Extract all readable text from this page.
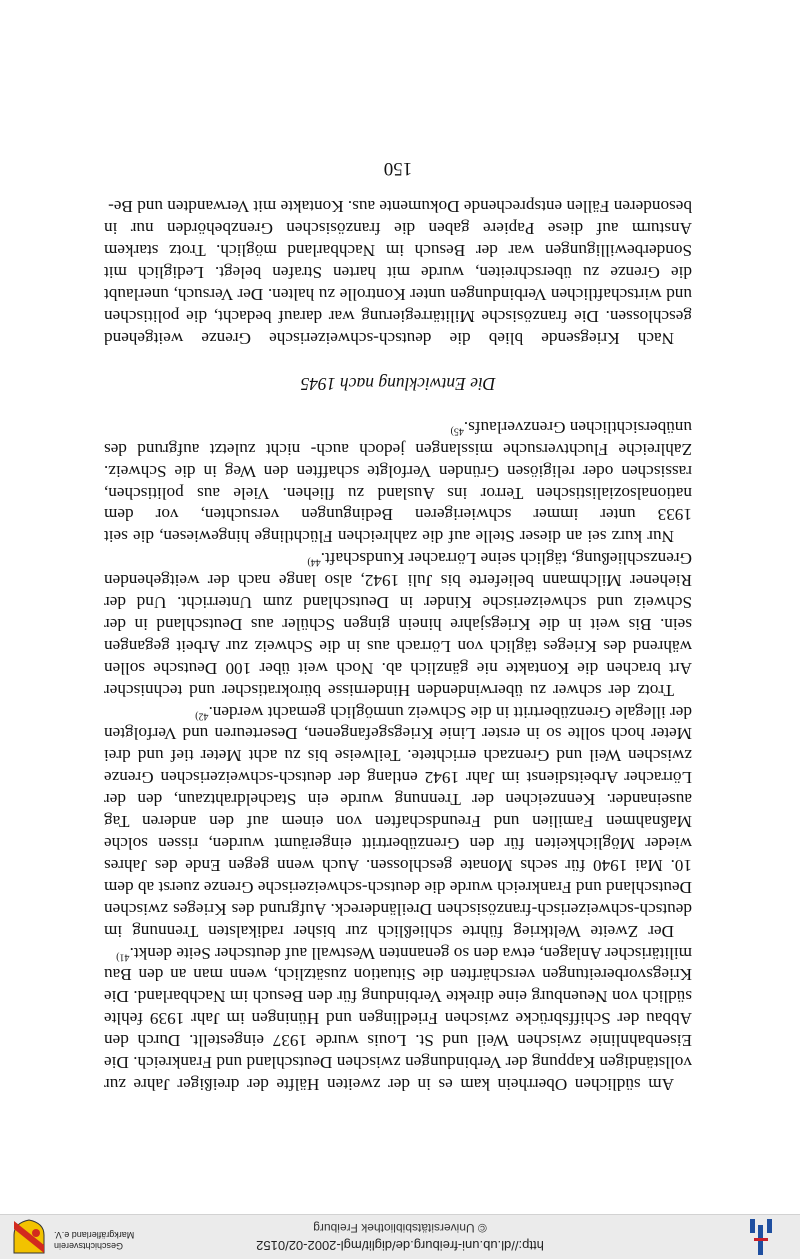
http://dl.ub.uni-freiburg.de/diglit/mgl-2002-02/0152
© Universitätsbibliothek Freiburg
Geschichtsverein
Markgräflerland e.V.

Am südlichen Oberrhein kam es in der zweiten Hälfte der dreißiger Jahre zur vollständigen Kappung der Verbindungen zwischen Deutschland und Frankreich. Die Eisenbahnlinie zwischen Weil und St. Louis wurde 1937 eingestellt. Durch den Abbau der Schiffsbrücke zwischen Friedlingen und Hüningen im Jahr 1939 fehlte südlich von Neuenburg eine direkte Verbindung für den Besuch im Nachbarland. Die Kriegsvorbereitungen verschärften die Situation zusätzlich, wenn man an den Bau militärischer Anlagen, etwa den so genannten Westwall auf deutscher Seite denkt.$^{41)}$

Der Zweite Weltkrieg führte schließlich zur bisher radikalsten Trennung im deutsch-schweizerisch-französischen Dreiländereck. Aufgrund des Krieges zwischen Deutschland und Frankreich wurde die deutsch-schweizerische Grenze zuerst ab dem 10. Mai 1940 für sechs Monate geschlossen. Auch wenn gegen Ende des Jahres wieder Möglichkeiten für den Grenzübertritt eingeräumt wurden, rissen solche Maßnahmen Familien und Freundschaften von einem auf den anderen Tag auseinander. Kennzeichen der Trennung wurde ein Stacheldrahtzaun, den der Lörracher Arbeitsdienst im Jahr 1942 entlang der deutsch-schweizerischen Grenze zwischen Weil und Grenzach errichtete. Teilweise bis zu acht Meter tief und drei Meter hoch sollte so in erster Linie Kriegsgefangenen, Deserteuren und Verfolgten der illegale Grenzübertritt in die Schweiz unmöglich gemacht werden.$^{42)}$

Trotz der schwer zu überwindenden Hindernisse bürokratischer und technischer Art brachen die Kontakte nie gänzlich ab. Noch weit über 100 Deutsche sollen während des Krieges täglich von Lörrach aus in die Schweiz zur Arbeit gegangen sein. Bis weit in die Kriegsjahre hinein gingen Schüler aus Deutschland in der Schweiz und schweizerische Kinder in Deutschland zum Unterricht. Und der Riehener Milchmann belieferte bis Juli 1942, also lange nach der weitgehenden Grenzschließung, täglich seine Lörracher Kundschaft.$^{44)}$

Nur kurz sei an dieser Stelle auf die zahlreichen Flüchtlinge hingewiesen, die seit 1933 unter immer schwierigeren Bedingungen versuchten, vor dem nationalsozialistischen Terror ins Ausland zu fliehen. Viele aus politischen, rassischen oder religiösen Gründen Verfolgte schafften den Weg in die Schweiz. Zahlreiche Fluchtversuche misslangen jedoch auch- nicht zuletzt aufgrund des unübersichtlichen Grenzverlaufs.$^{45)}$

Die Entwicklung nach 1945

Nach Kriegsende blieb die deutsch-schweizerische Grenze weitgehend geschlossen. Die französische Militärregierung war darauf bedacht, die politischen und wirtschaftlichen Verbindungen unter Kontrolle zu halten. Der Versuch, unerlaubt die Grenze zu überschreiten, wurde mit harten Strafen belegt. Lediglich mit Sonderbewilligungen war der Besuch im Nachbarland möglich. Trotz starkem Ansturm auf diese Papiere gaben die französischen Grenzbehörden nur in besonderen Fällen entsprechende Dokumente aus. Kontakte mit Verwandten und Be-

150
